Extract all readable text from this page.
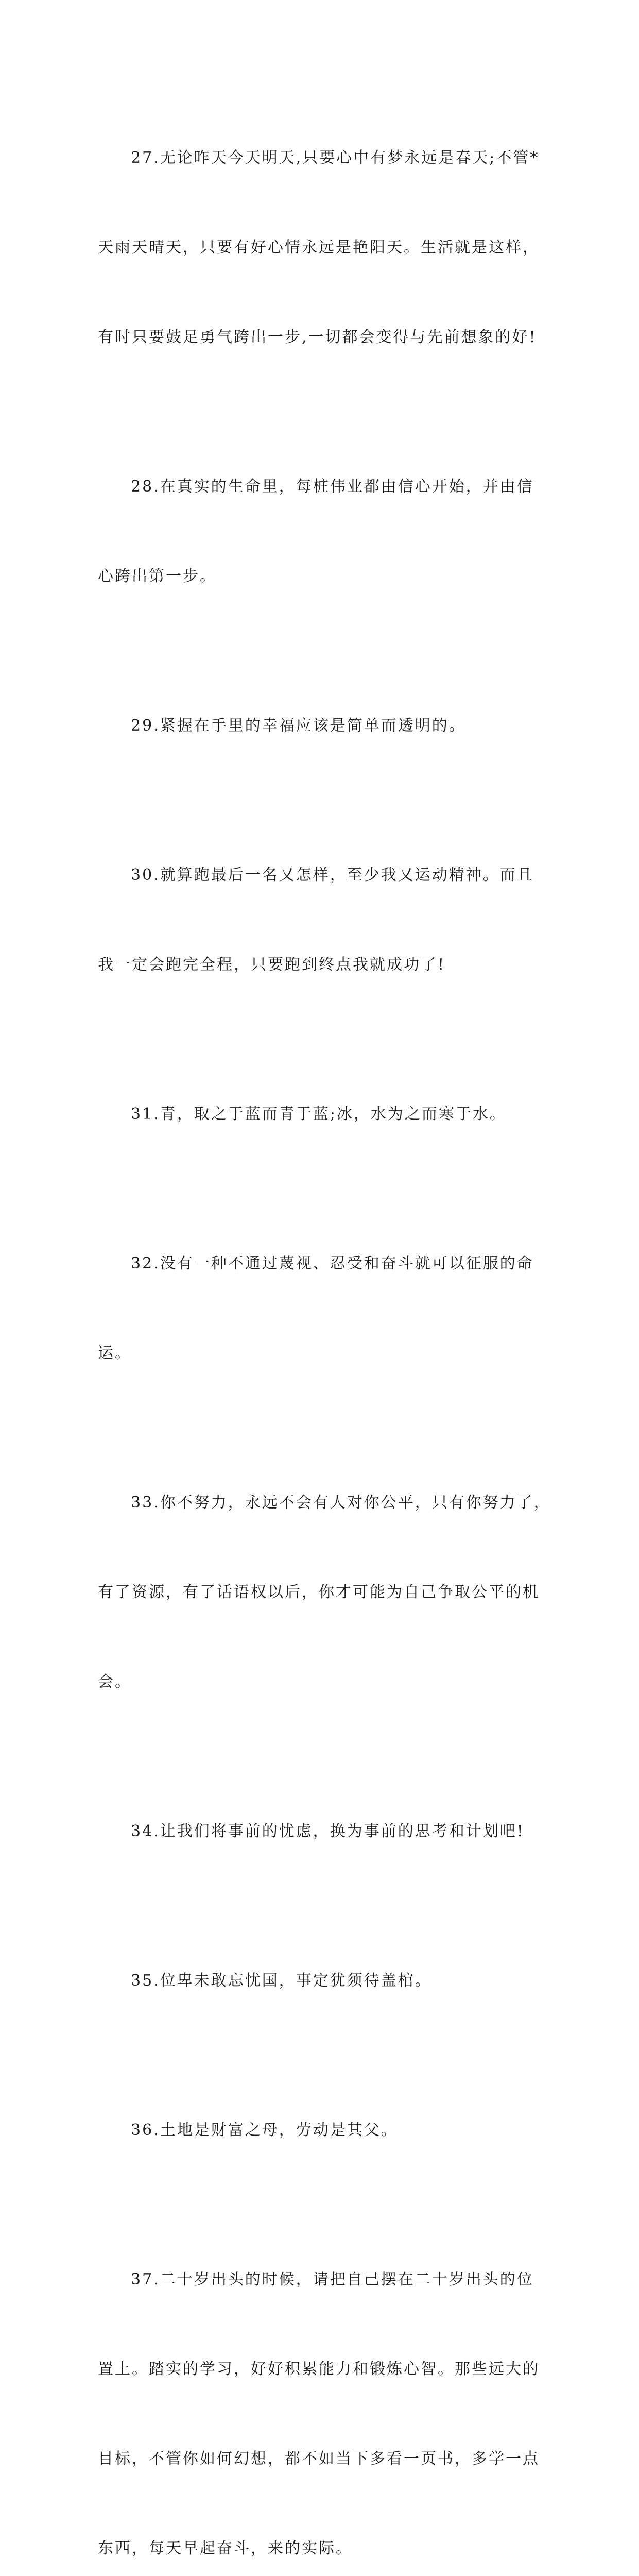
27.无论昨天今天明天,只要心中有梦永远是春天;不管*

天雨天晴天，只要有好心情永远是艳阳天。生活就是这样，

有时只要鼓足勇气跨出一步,一切都会变得与先前想象的好!

28.在真实的生命里，每桩伟业都由信心开始，并由信

心跨出第一步。

29.紧握在手里的幸福应该是简单而透明的。

30.就算跑最后一名又怎样，至少我又运动精神。而且

我一定会跑完全程，只要跑到终点我就成功了!

31.青，取之于蓝而青于蓝;冰，水为之而寒于水。

32.没有一种不通过蔑视、忍受和奋斗就可以征服的命

运。

33.你不努力，永远不会有人对你公平，只有你努力了，

有了资源，有了话语权以后，你才可能为自己争取公平的机

会。

34.让我们将事前的忧虑，换为事前的思考和计划吧!

35.位卑未敢忘忧国，事定犹须待盖棺。

36.土地是财富之母，劳动是其父。

37.二十岁出头的时候，请把自己摆在二十岁出头的位

置上。踏实的学习，好好积累能力和锻炼心智。那些远大的

目标，不管你如何幻想，都不如当下多看一页书，多学一点

东西，每天早起奋斗，来的实际。
